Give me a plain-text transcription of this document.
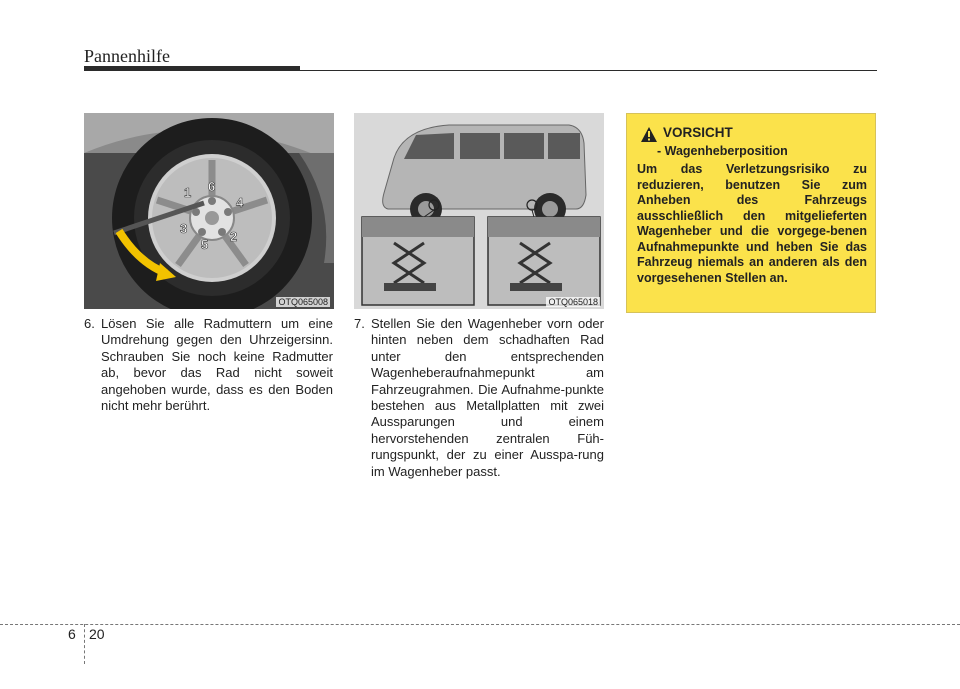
Pannenhilfe
1
2
3
4
5
6
OTQ065008	OTQ065018
6. Lösen Sie alle Radmuttern um eine Umdrehung gegen den Uhrzeigersinn. Schrauben Sie noch keine Radmutter ab, bevor das Rad nicht soweit angehoben wurde, dass es den Boden nicht mehr berührt.
7. Stellen Sie den Wagenheber vorn oder hinten neben dem schadhaften Rad unter den entsprechenden Wagenheberaufnahmepunkt am Fahrzeugrahmen. Die Aufnahme-punkte bestehen aus Metallplatten mit zwei Aussparungen und einem hervorstehenden zentralen Füh-rungspunkt, der zu einer Ausspa-rung im Wagenheber passt.
VORSICHT
- Wagenheberposition
Um das Verletzungsrisiko zu reduzieren, benutzen Sie zum Anheben des Fahrzeugs ausschließlich den mitgelieferten Wagenheber und die vorgege-benen Aufnahmepunkte und heben Sie das Fahrzeug niemals an anderen als den vorgesehenen Stellen an.
6 20
